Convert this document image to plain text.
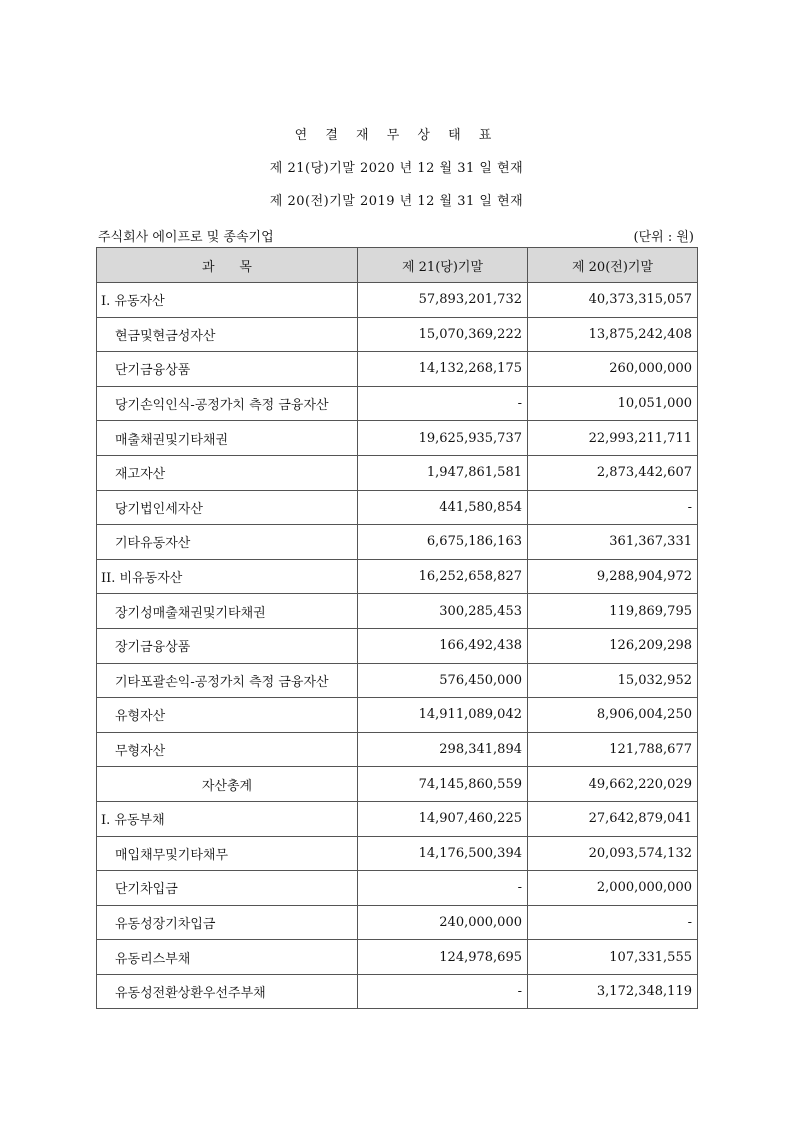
연 결 재 무 상 태 표
제 21(당)기말 2020 년 12 월 31 일 현재
제 20(전)기말 2019 년 12 월 31 일 현재
주식회사 에이프로 및 종속기업	(단위 : 원)
과      목	제 21(당)기말	제 20(전)기말
I. 유동자산	57,893,201,732	40,373,315,057
현금및현금성자산	15,070,369,222	13,875,242,408
단기금융상품	14,132,268,175	260,000,000
당기손익인식-공정가치 측정 금융자산	-	10,051,000
매출채권및기타채권	19,625,935,737	22,993,211,711
재고자산	1,947,861,581	2,873,442,607
당기법인세자산	441,580,854	-
기타유동자산	6,675,186,163	361,367,331
II. 비유동자산	16,252,658,827	9,288,904,972
장기성매출채권및기타채권	300,285,453	119,869,795
장기금융상품	166,492,438	126,209,298
기타포괄손익-공정가치 측정 금융자산	576,450,000	15,032,952
유형자산	14,911,089,042	8,906,004,250
무형자산	298,341,894	121,788,677
자산총계	74,145,860,559	49,662,220,029
I. 유동부채	14,907,460,225	27,642,879,041
매입채무및기타채무	14,176,500,394	20,093,574,132
단기차입금	-	2,000,000,000
유동성장기차입금	240,000,000	-
유동리스부채	124,978,695	107,331,555
유동성전환상환우선주부채	-	3,172,348,119
